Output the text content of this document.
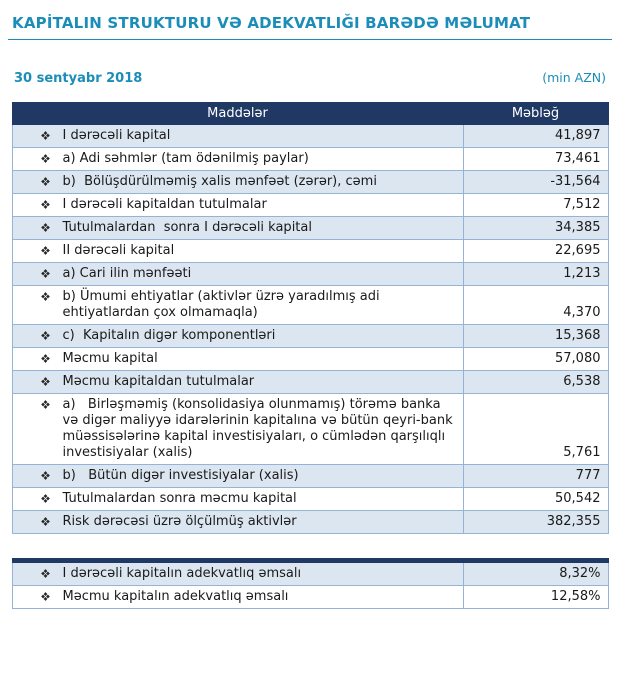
KAPİTALIN STRUKTURU VƏ ADEKVATLIĞI BARƏDƏ MƏLUMAT
30 sentyabr 2018	(min AZN)
Maddələr	Məbləğ

I dərəcəli kapital	41,897

a) Adi səhmlər (tam ödənilmiş paylar)	73,461

b)  Bölüşdürülməmiş xalis mənfəət (zərər), cəmi	-31,564

I dərəcəli kapitaldan tutulmalar	7,512

Tutulmalardan  sonra I dərəcəli kapital	34,385

II dərəcəli kapital	22,695

a) Cari ilin mənfəəti	1,213

b) Ümumi ehtiyatlar (aktivlər üzrə yaradılmış adi ehtiyatlardan çox olmamaqla)	4,370

c)  Kapitalın digər komponentləri	15,368

Məcmu kapital	57,080

Məcmu kapitaldan tutulmalar	6,538

a)   Birləşməmiş (konsolidasiya olunmamış) törəmə banka və digər maliyyə idarələrinin kapitalına və bütün qeyri-bank müəssisələrinə kapital investisiyaları, o cümlədən qarşılıqlı investisiyalar (xalis)	5,761

b)   Bütün digər investisiyalar (xalis)	777

Tutulmalardan sonra məcmu kapital	50,542

Risk dərəcəsi üzrə ölçülmüş aktivlər	382,355
I dərəcəli kapitalın adekvatlıq əmsalı	8,32%

Məcmu kapitalın adekvatlıq əmsalı	12,58%
